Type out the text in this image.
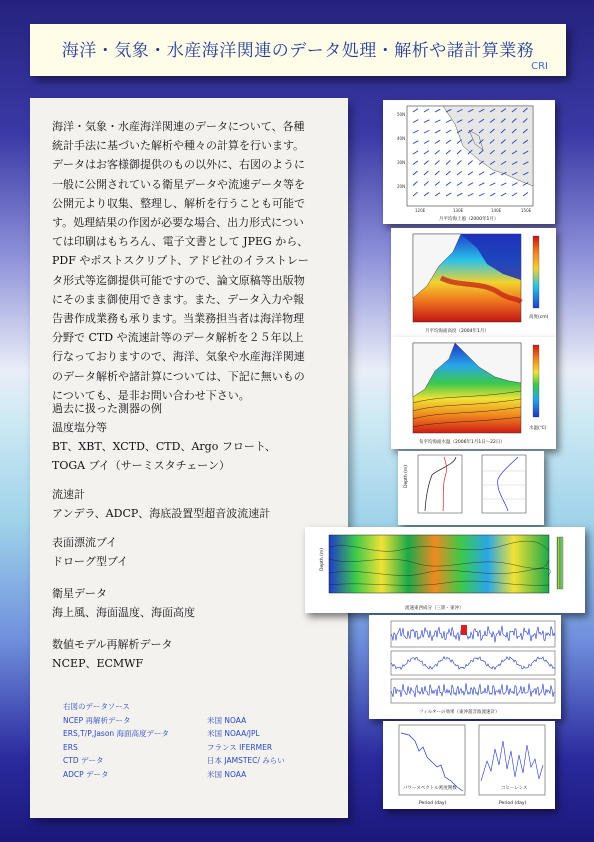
海洋・気象・水産海洋関連のデータ処理・解析や諸計算業務
CRI

海洋・気象・水産海洋関連のデータについて、各種
統計手法に基づいた解析や種々の計算を行います。
データはお客様御提供のもの以外に、右図のように
一般に公開されている衛星データや流速データ等を
公開元より収集、整理し、解析を行うことも可能で
す。処理結果の作図が必要な場合、出力形式につい
ては印刷はもちろん、電子文書として JPEG から、
PDF やポストスクリプト、アドビ社のイラストレー
タ形式等迄御提供可能ですので、論文原稿等出版物
にそのまま御使用できます。また、データ入力や報
告書作成業務も承ります。当業務担当者は海洋物理
分野で CTD や流速計等のデータ解析を２５年以上
行なっておりますので、海洋、気象や水産海洋関連
のデータ解析や諸計算については、下記に無いもの
についても、是非お問い合わせ下さい。

過去に扱った測器の例

温度塩分等

BT、XBT、XCTD、CTD、Argo フロート、

TOGA ブイ（サーミスタチェーン）

流速計

アンデラ、ADCP、海底設置型超音波流速計

表面漂流ブイ

ドローグ型ブイ

衛星データ

海上風、海面温度、海面高度

数値モデル再解析データ

NCEP、ECMWF

右図のデータソース
NCEP 再解析データ	米国 NOAA
ERS,T/P,Jason 海面高度データ	米国 NOAA/JPL
ERS	フランス IFERMER
CTD データ	日本 JAMSTEC/ みらい
ADCP データ	米国 NOAA
50N
40N
30N
20N
120E	130E	140E	150E
月平均海上風（2000年1月）
高度(cm)
月平均海面高度（2004年1月）
水温(℃)
旬平均海面水温（2006年1月1日〜22日）
Depth (m)
Depth (m)
流速東西成分（三陸・東沖）
フィルターの効果（東沖超音波流速計）
パワースペクトル密度関数	コヒーレンス
Period (day)	Period (day)
